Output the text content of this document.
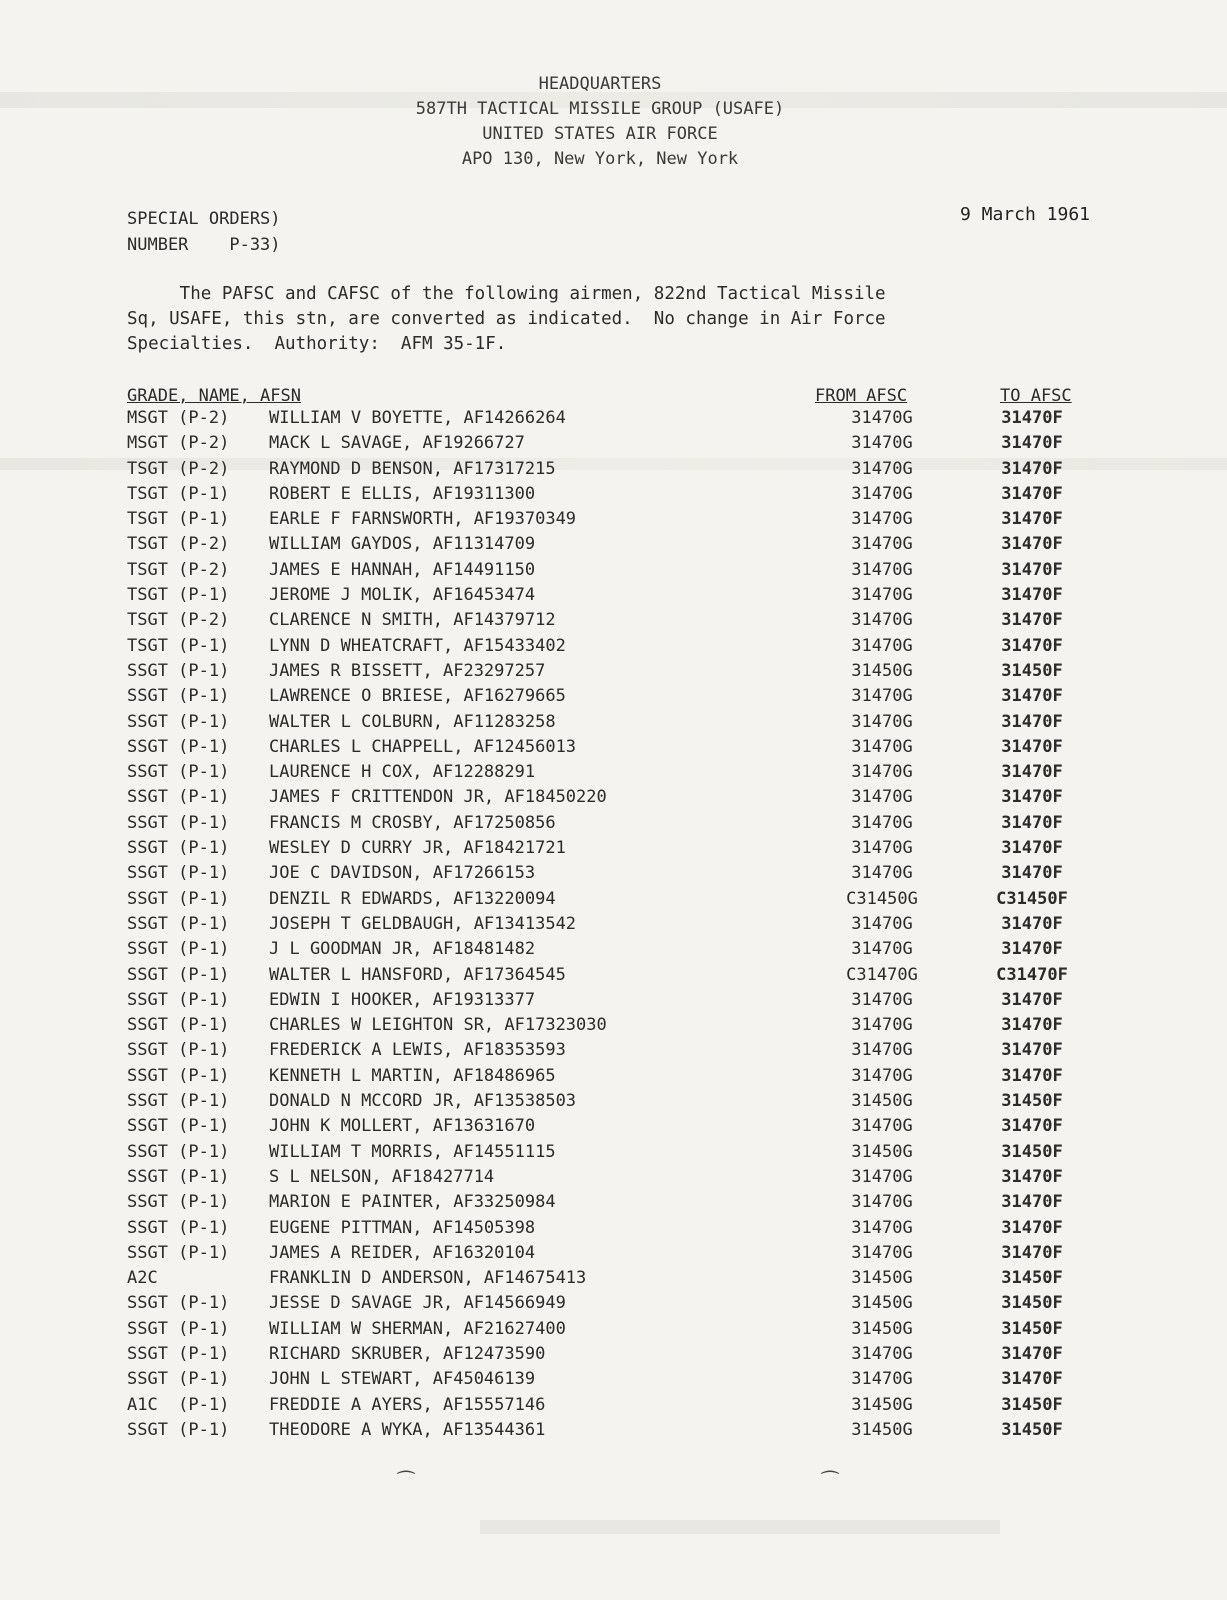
HEADQUARTERS
587TH TACTICAL MISSILE GROUP (USAFE)
UNITED STATES AIR FORCE
APO 130, New York, New York
SPECIAL ORDERS)
NUMBER    P-33)
9 March 1961
The PAFSC and CAFSC of the following airmen, 822nd Tactical Missile
Sq, USAFE, this stn, are converted as indicated.  No change in Air Force
Specialties.  Authority:  AFM 35-1F.
GRADE, NAME, AFSN	FROM AFSC	TO AFSC
MSGT (P-2) WILLIAM V BOYETTE, AF14266264	31470G	31470F
MSGT (P-2) MACK L SAVAGE, AF19266727	31470G	31470F
TSGT (P-2) RAYMOND D BENSON, AF17317215	31470G	31470F
TSGT (P-1) ROBERT E ELLIS, AF19311300	31470G	31470F
TSGT (P-1) EARLE F FARNSWORTH, AF19370349	31470G	31470F
TSGT (P-2) WILLIAM GAYDOS, AF11314709	31470G	31470F
TSGT (P-2) JAMES E HANNAH, AF14491150	31470G	31470F
TSGT (P-1) JEROME J MOLIK, AF16453474	31470G	31470F
TSGT (P-2) CLARENCE N SMITH, AF14379712	31470G	31470F
TSGT (P-1) LYNN D WHEATCRAFT, AF15433402	31470G	31470F
SSGT (P-1) JAMES R BISSETT, AF23297257	31450G	31450F
SSGT (P-1) LAWRENCE O BRIESE, AF16279665	31470G	31470F
SSGT (P-1) WALTER L COLBURN, AF11283258	31470G	31470F
SSGT (P-1) CHARLES L CHAPPELL, AF12456013	31470G	31470F
SSGT (P-1) LAURENCE H COX, AF12288291	31470G	31470F
SSGT (P-1) JAMES F CRITTENDON JR, AF18450220	31470G	31470F
SSGT (P-1) FRANCIS M CROSBY, AF17250856	31470G	31470F
SSGT (P-1) WESLEY D CURRY JR, AF18421721	31470G	31470F
SSGT (P-1) JOE C DAVIDSON, AF17266153	31470G	31470F
SSGT (P-1) DENZIL R EDWARDS, AF13220094	C31450G	C31450F
SSGT (P-1) JOSEPH T GELDBAUGH, AF13413542	31470G	31470F
SSGT (P-1) J L GOODMAN JR, AF18481482	31470G	31470F
SSGT (P-1) WALTER L HANSFORD, AF17364545	C31470G	C31470F
SSGT (P-1) EDWIN I HOOKER, AF19313377	31470G	31470F
SSGT (P-1) CHARLES W LEIGHTON SR, AF17323030	31470G	31470F
SSGT (P-1) FREDERICK A LEWIS, AF18353593	31470G	31470F
SSGT (P-1) KENNETH L MARTIN, AF18486965	31470G	31470F
SSGT (P-1) DONALD N MCCORD JR, AF13538503	31450G	31450F
SSGT (P-1) JOHN K MOLLERT, AF13631670	31470G	31470F
SSGT (P-1) WILLIAM T MORRIS, AF14551115	31450G	31450F
SSGT (P-1) S L NELSON, AF18427714	31470G	31470F
SSGT (P-1) MARION E PAINTER, AF33250984	31470G	31470F
SSGT (P-1) EUGENE PITTMAN, AF14505398	31470G	31470F
SSGT (P-1) JAMES A REIDER, AF16320104	31470G	31470F
A2C	FRANKLIN D ANDERSON, AF14675413	31450G	31450F
SSGT (P-1) JESSE D SAVAGE JR, AF14566949	31450G	31450F
SSGT (P-1) WILLIAM W SHERMAN, AF21627400	31450G	31450F
SSGT (P-1) RICHARD SKRUBER, AF12473590	31470G	31470F
SSGT (P-1) JOHN L STEWART, AF45046139	31470G	31470F
A1C  (P-1) FREDDIE A AYERS, AF15557146	31450G	31450F
SSGT (P-1) THEODORE A WYKA, AF13544361	31450G	31450F
⁀	⁀
